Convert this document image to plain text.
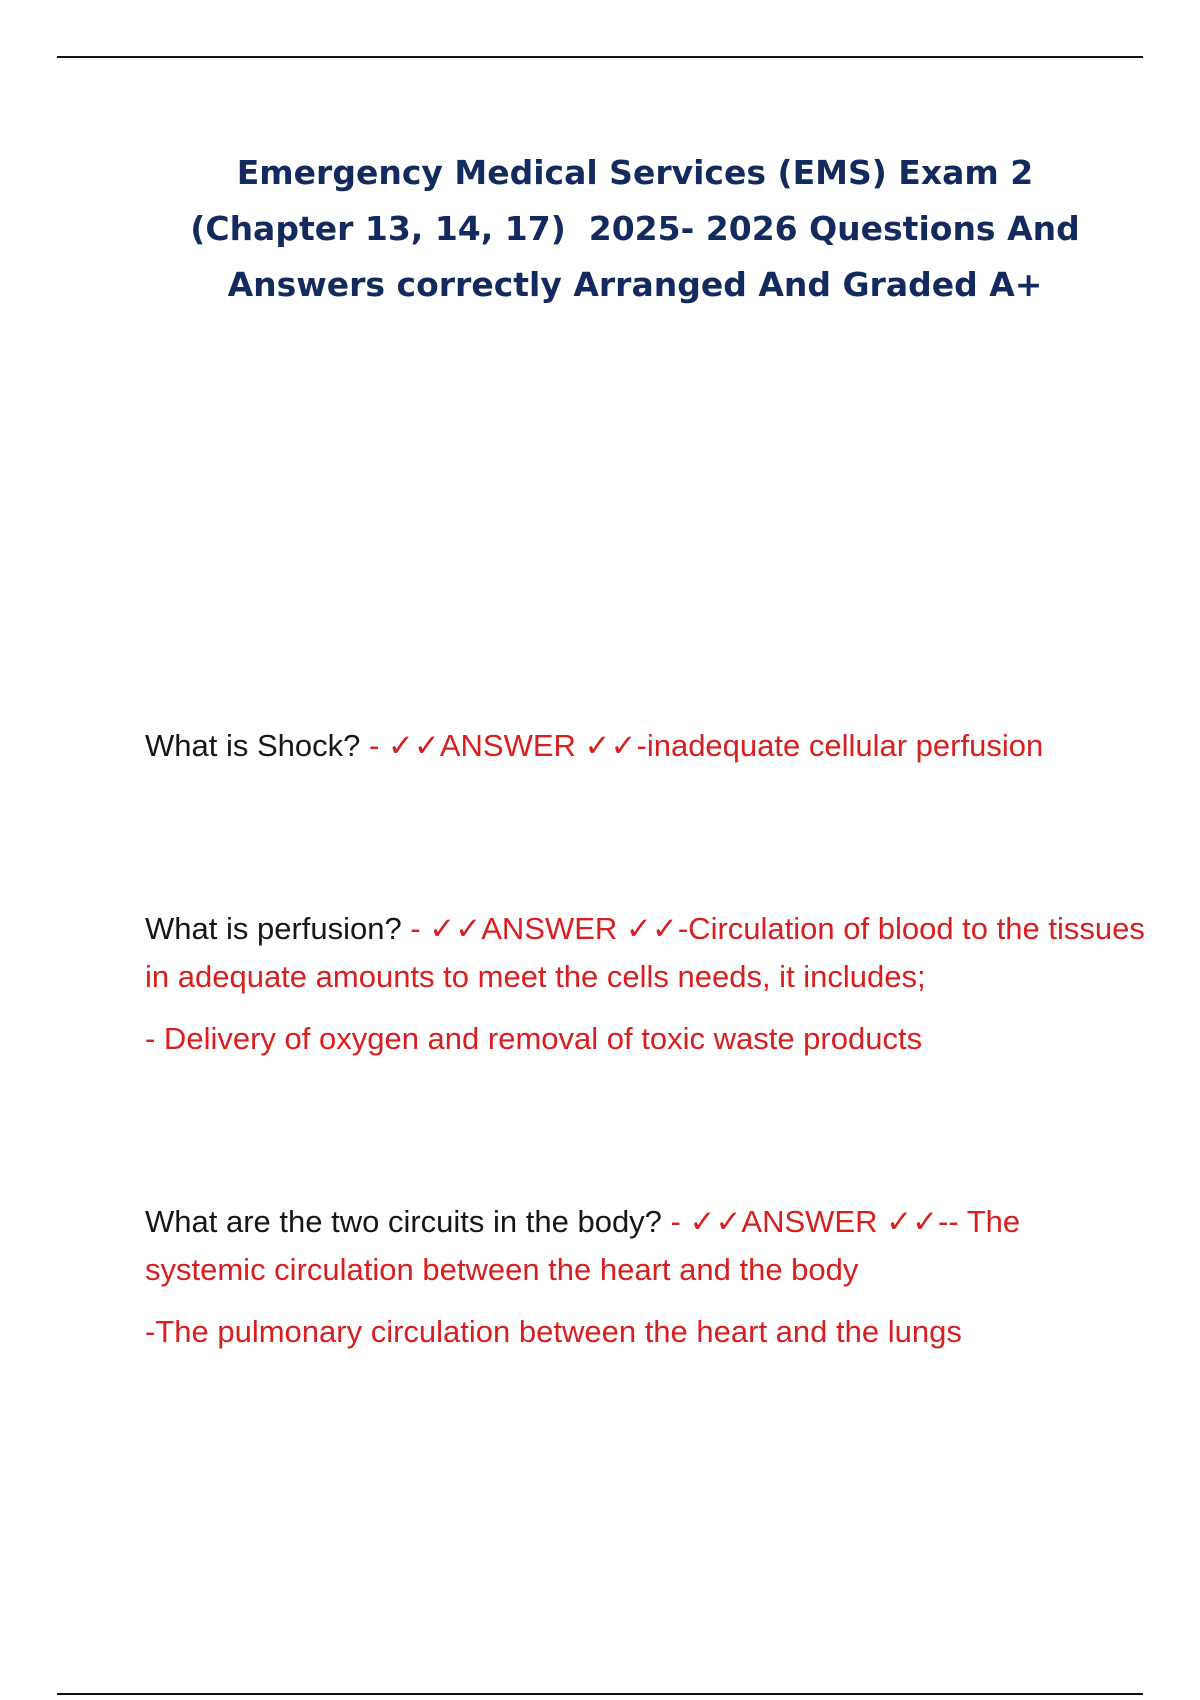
Emergency Medical Services (EMS) Exam 2
(Chapter 13, 14, 17)  2025- 2026 Questions And
Answers correctly Arranged And Graded A+

What is Shock? - ✓✓ANSWER ✓✓-inadequate cellular perfusion

What is perfusion? - ✓✓ANSWER ✓✓-Circulation of blood to the tissues in adequate amounts to meet the cells needs, it includes;

- Delivery of oxygen and removal of toxic waste products

What are the two circuits in the body? - ✓✓ANSWER ✓✓-- The systemic circulation between the heart and the body

-The pulmonary circulation between the heart and the lungs
